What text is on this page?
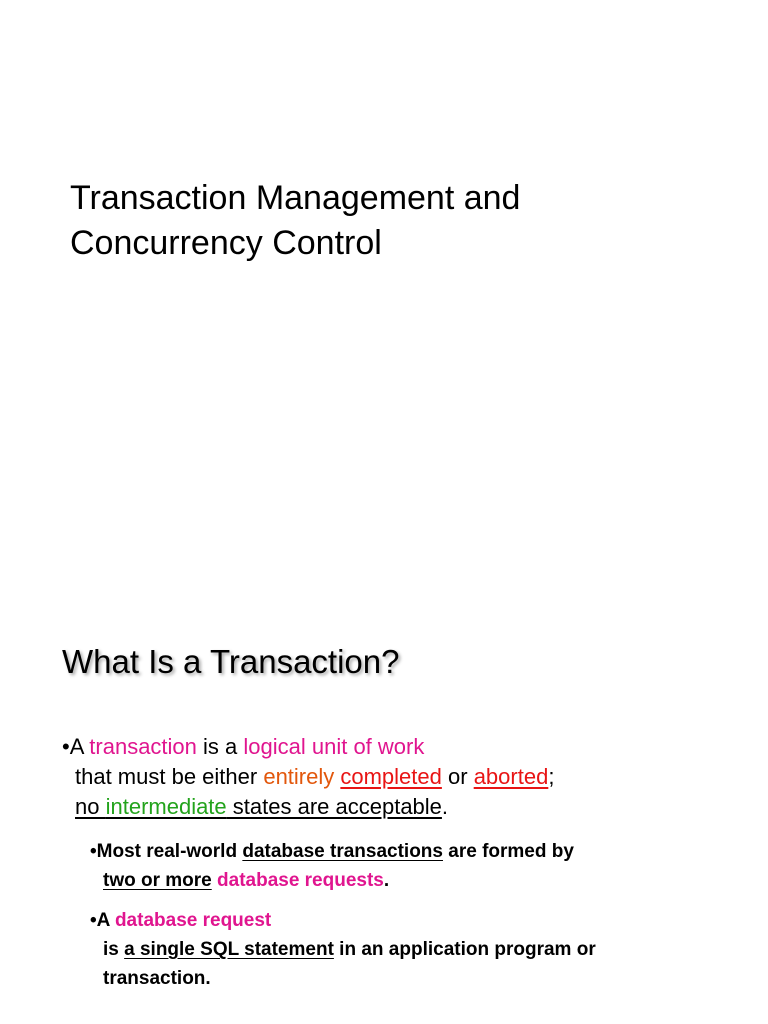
Transaction Management and
Concurrency Control
What Is a Transaction?
•A transaction is a logical unit of work
that must be either entirely completed or aborted;
no intermediate states are acceptable.
•Most real-world database transactions are formed by
two or more database requests.
•A database request
is a single SQL statement in an application program or
transaction.
